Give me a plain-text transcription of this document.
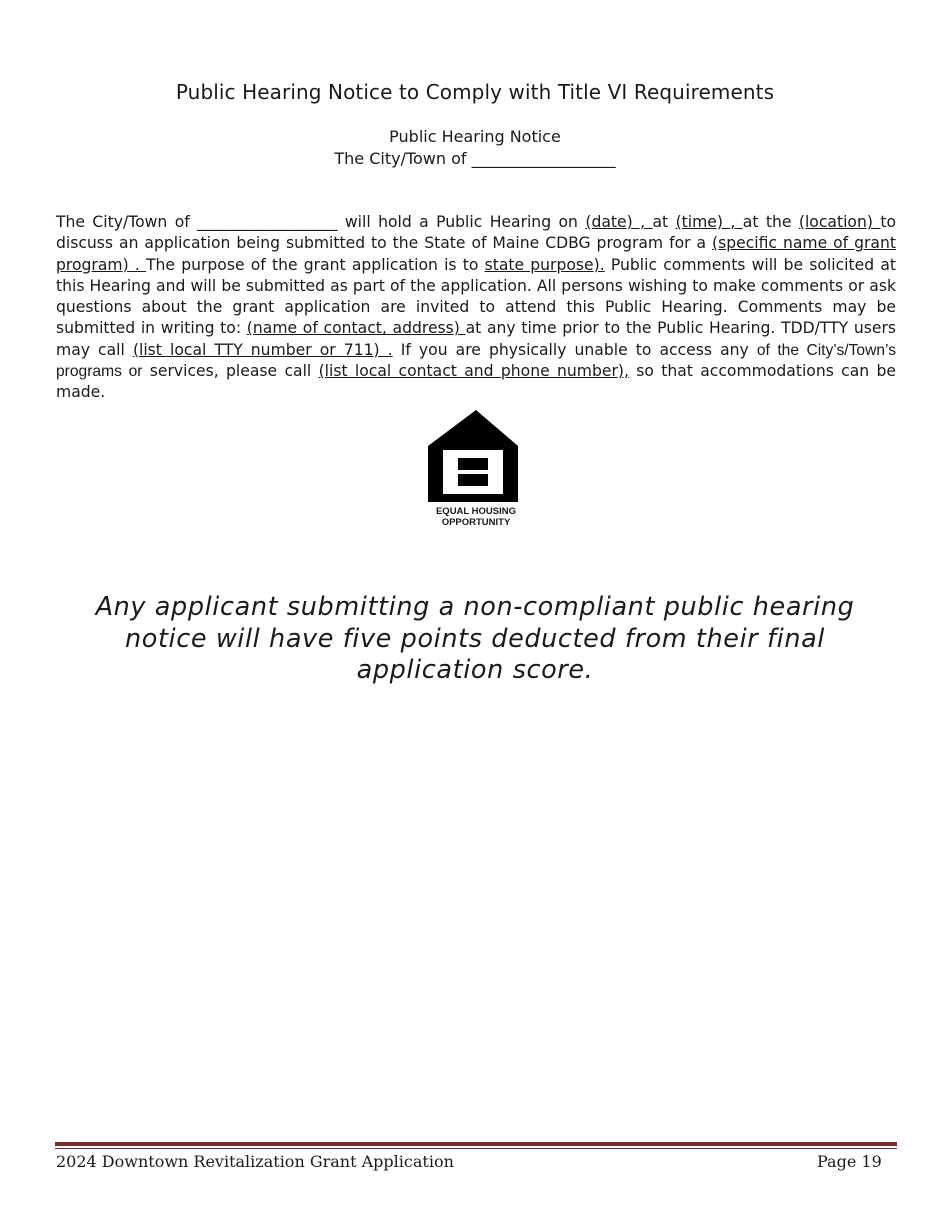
Public Hearing Notice to Comply with Title VI Requirements
Public Hearing Notice
The City/Town of __________________
The City/Town of __________________ will hold a Public Hearing on (date) , at (time) , at the (location) to discuss an application being submitted to the State of Maine CDBG program for a (specific name of grant program) . The purpose of the grant application is to state purpose). Public comments will be solicited at this Hearing and will be submitted as part of the application. All persons wishing to make comments or ask questions about the grant application are invited to attend this Public Hearing. Comments may be submitted in writing to: (name of contact, address) at any time prior to the Public Hearing. TDD/TTY users may call (list local TTY number or 711) . If you are physically unable to access any of the City’s/Town’s programs or services, please call (list local contact and phone number), so that accommodations can be made.
EQUAL HOUSING
OPPORTUNITY
Any applicant submitting a non-compliant public hearing notice will have five points deducted from their final application score.
2024 Downtown Revitalization Grant Application	Page 19
